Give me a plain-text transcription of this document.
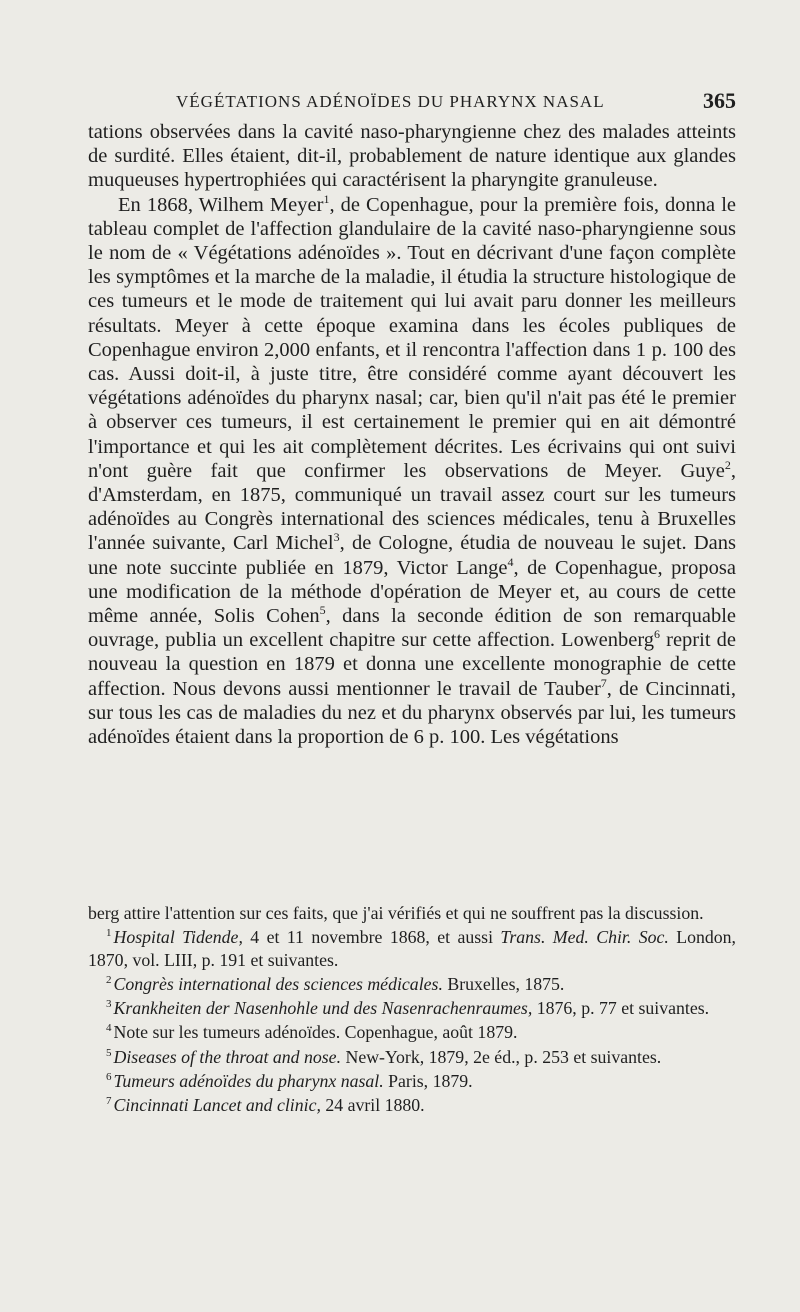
VÉGÉTATIONS ADÉNOÏDES DU PHARYNX NASAL	365

tations observées dans la cavité naso-pharyngienne chez des malades atteints de surdité. Elles étaient, dit-il, probablement de nature identique aux glandes muqueuses hypertrophiées qui caractérisent la pharyngite granuleuse.

En 1868, Wilhem Meyer$^1$, de Copenhague, pour la première fois, donna le tableau complet de l'affection glandulaire de la cavité naso-pharyngienne sous le nom de « Végétations adénoïdes ». Tout en décrivant d'une façon complète les symptômes et la marche de la maladie, il étudia la structure histologique de ces tumeurs et le mode de traitement qui lui avait paru donner les meilleurs résultats. Meyer à cette époque examina dans les écoles publiques de Copenhague environ 2,000 enfants, et il rencontra l'affection dans 1 p. 100 des cas. Aussi doit-il, à juste titre, être considéré comme ayant découvert les végétations adénoïdes du pharynx nasal; car, bien qu'il n'ait pas été le premier à observer ces tumeurs, il est certainement le premier qui en ait démontré l'importance et qui les ait complètement décrites. Les écrivains qui ont suivi n'ont guère fait que confirmer les observations de Meyer. Guye$^2$, d'Amsterdam, en 1875, communiqué un travail assez court sur les tumeurs adénoïdes au Congrès international des sciences médicales, tenu à Bruxelles l'année suivante, Carl Michel$^3$, de Cologne, étudia de nouveau le sujet. Dans une note succinte publiée en 1879, Victor Lange$^4$, de Copenhague, proposa une modification de la méthode d'opération de Meyer et, au cours de cette même année, Solis Cohen$^5$, dans la seconde édition de son remarquable ouvrage, publia un excellent chapitre sur cette affection. Lowenberg$^6$ reprit de nouveau la question en 1879 et donna une excellente monographie de cette affection. Nous devons aussi mentionner le travail de Tauber$^7$, de Cincinnati, sur tous les cas de maladies du nez et du pharynx observés par lui, les tumeurs adénoïdes étaient dans la proportion de 6 p. 100. Les végétations

berg attire l'attention sur ces faits, que j'ai vérifiés et qui ne souffrent pas la discussion.

$^1$ Hospital Tidende, 4 et 11 novembre 1868, et aussi Trans. Med. Chir. Soc. London, 1870, vol. LIII, p. 191 et suivantes.

$^2$ Congrès international des sciences médicales. Bruxelles, 1875.

$^3$ Krankheiten der Nasenhohle und des Nasenrachenraumes, 1876, p. 77 et suivantes.

$^4$ Note sur les tumeurs adénoïdes. Copenhague, août 1879.

$^5$ Diseases of the throat and nose. New-York, 1879, 2e éd., p. 253 et suivantes.

$^6$ Tumeurs adénoïdes du pharynx nasal. Paris, 1879.

$^7$ Cincinnati Lancet and clinic, 24 avril 1880.
